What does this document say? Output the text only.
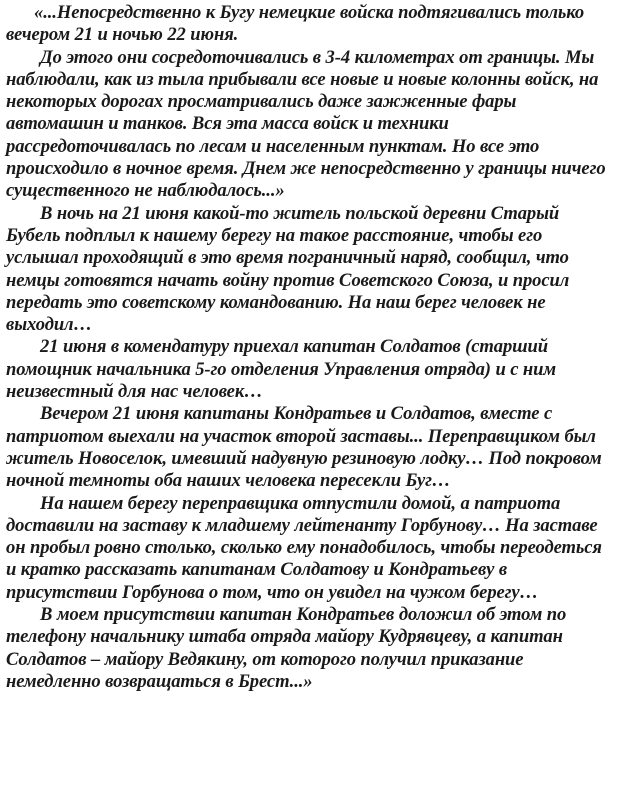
«...Непосредственно к Бугу немецкие войска подтягивались только вечером 21 и ночью 22 июня.

До этого они сосредоточивались в 3-4 километрах от границы. Мы наблюдали, как из тыла прибывали все новые и новые колонны войск, на некоторых дорогах просматривались даже зажженные фары автомашин и танков. Вся эта масса войск и техники рассредоточивалась по лесам и населенным пунктам. Но все это происходило в ночное время. Днем же непосредственно у границы ничего существенного не наблюдалось...»

В ночь на 21 июня какой-то житель польской деревни Старый Бубель подплыл к нашему берегу на такое расстояние, чтобы его услышал проходящий в это время пограничный наряд, сообщил, что немцы готовятся начать войну против Советского Союза, и просил передать это советскому командованию. На наш берег человек не выходил…

21 июня в комендатуру приехал капитан Солдатов (старший помощник начальника 5-го отделения Управления отряда) и с ним неизвестный для нас человек…

Вечером 21 июня капитаны Кондратьев и Солдатов, вместе с патриотом выехали на участок второй заставы... Переправщиком был житель Новоселок, имевший надувную резиновую лодку… Под покровом ночной темноты оба наших человека пересекли Буг…

На нашем берегу переправщика отпустили домой, а патриота доставили на заставу к младшему лейтенанту Горбунову… На заставе он пробыл ровно столько, сколько ему понадобилось, чтобы переодеться и кратко рассказать капитанам Солдатову и Кондратьеву в присутствии Горбунова о том, что он увидел на чужом берегу…

В моем присутствии капитан Кондратьев доложил об этом по телефону начальнику штаба отряда майору Кудрявцеву, а капитан Солдатов – майору Ведякину, от которого получил приказание немедленно возвращаться в Брест...»
